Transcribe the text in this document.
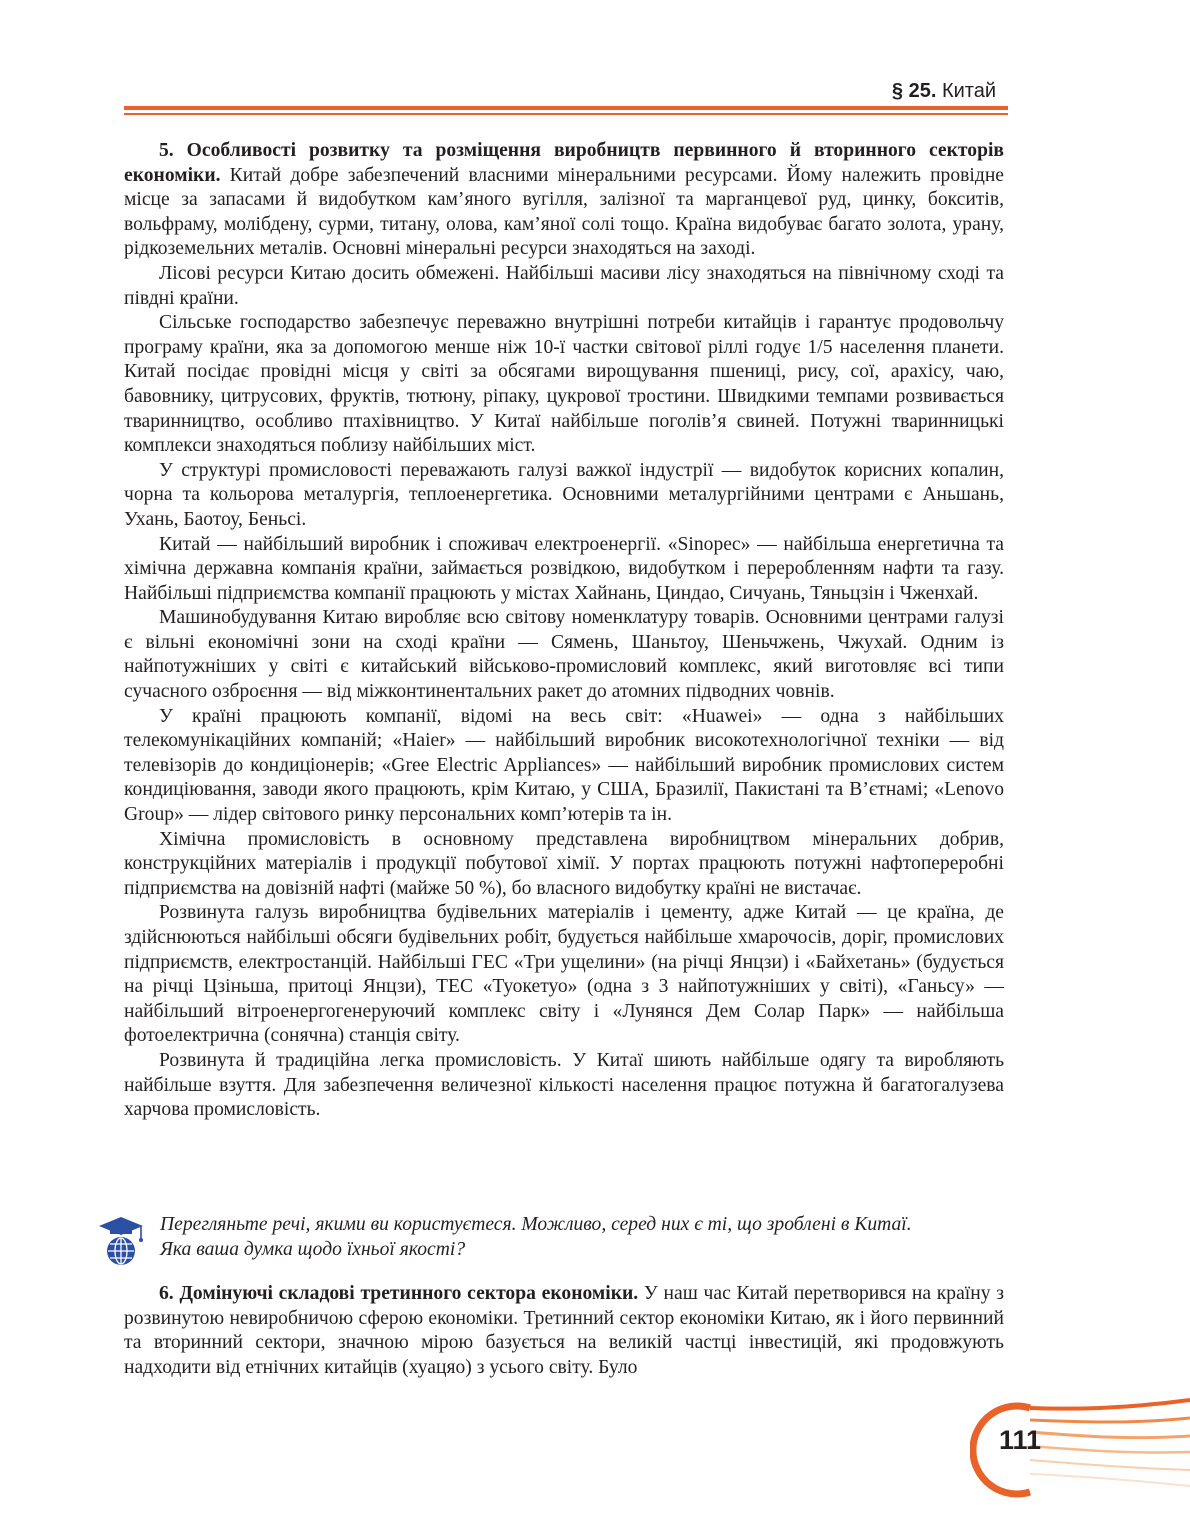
§ 25. Китай

5. Особливості розвитку та розміщення виробництв первинного й вторинного секторів економіки. Китай добре забезпечений власними мінеральними ресурсами. Йому належить провідне місце за запасами й видобутком кам’яного вугілля, залізної та марганцевої руд, цинку, бокситів, вольфраму, молібдену, сурми, титану, олова, кам’яної солі тощо. Країна видобуває багато золота, урану, рідкоземельних металів. Основні мінеральні ресурси знаходяться на заході.

Лісові ресурси Китаю досить обмежені. Найбільші масиви лісу знаходяться на північному сході та півдні країни.

Сільське господарство забезпечує переважно внутрішні потреби китайців і гарантує продовольчу програму країни, яка за допомогою менше ніж 10-ї частки світової ріллі годує 1/5 населення планети. Китай посідає провідні місця у світі за обсягами вирощування пшениці, рису, сої, арахісу, чаю, бавовнику, цитрусових, фруктів, тютюну, ріпаку, цукрової тростини. Швидкими темпами розвивається тваринництво, особливо птахівництво. У Китаї найбільше поголів’я свиней. Потужні тваринницькі комплекси знаходяться поблизу найбільших міст.

У структурі промисловості переважають галузі важкої індустрії — видобуток корисних копалин, чорна та кольорова металургія, теплоенергетика. Основними металургійними центрами є Аньшань, Ухань, Баотоу, Беньсі.

Китай — найбільший виробник і споживач електроенергії. «Sinopec» — найбільша енергетична та хімічна державна компанія країни, займається розвідкою, видобутком і переробленням нафти та газу. Найбільші підприємства компанії працюють у містах Хайнань, Циндао, Сичуань, Тяньцзін і Чженхай.

Машинобудування Китаю виробляє всю світову номенклатуру товарів. Основними центрами галузі є вільні економічні зони на сході країни — Сямень, Шаньтоу, Шеньчжень, Чжухай. Одним із найпотужніших у світі є китайський військово-промисловий комплекс, який виготовляє всі типи сучасного озброєння — від міжконтинентальних ракет до атомних підводних човнів.

У країні працюють компанії, відомі на весь світ: «Huawei» — одна з найбільших телекомунікаційних компаній; «Haier» — найбільший виробник високотехнологічної техніки — від телевізорів до кондиціонерів; «Gree Electric Appliances» — найбільший виробник промислових систем кондиціювання, заводи якого працюють, крім Китаю, у США, Бразилії, Пакистані та В’єтнамі; «Lenovo Group» — лідер світового ринку персональних комп’ютерів та ін.

Хімічна промисловість в основному представлена виробництвом мінеральних добрив, конструкційних матеріалів і продукції побутової хімії. У портах працюють потужні нафтопереробні підприємства на довізній нафті (майже 50 %), бо власного видобутку країні не вистачає.

Розвинута галузь виробництва будівельних матеріалів і цементу, адже Китай — це країна, де здійснюються найбільші обсяги будівельних робіт, будується найбільше хмарочосів, доріг, промислових підприємств, електростанцій. Найбільші ГЕС «Три ущелини» (на річці Янцзи) і «Байхетань» (будується на річці Цзіньша, притоці Янцзи), ТЕС «Туокетуо» (одна з 3 найпотужніших у світі), «Ганьсу» — найбільший вітроенергогенеруючий комплекс світу і «Лунянся Дем Солар Парк» — найбільша фотоелектрична (сонячна) станція світу.

Розвинута й традиційна легка промисловість. У Китаї шиють найбільше одягу та виробляють найбільше взуття. Для забезпечення величезної кількості населення працює потужна й багатогалузева харчова промисловість.

Перегляньте речі, якими ви користуєтеся. Можливо, серед них є ті, що зроблені в Китаї.

Яка ваша думка щодо їхньої якості?

6. Домінуючі складові третинного сектора економіки. У наш час Китай перетворився на країну з розвинутою невиробничою сферою економіки. Третинний сектор економіки Китаю, як і його первинний та вторинний сектори, значною мірою базується на великій частці інвестицій, які продовжують надходити від етнічних китайців (хуацяо) з усього світу. Було

111
